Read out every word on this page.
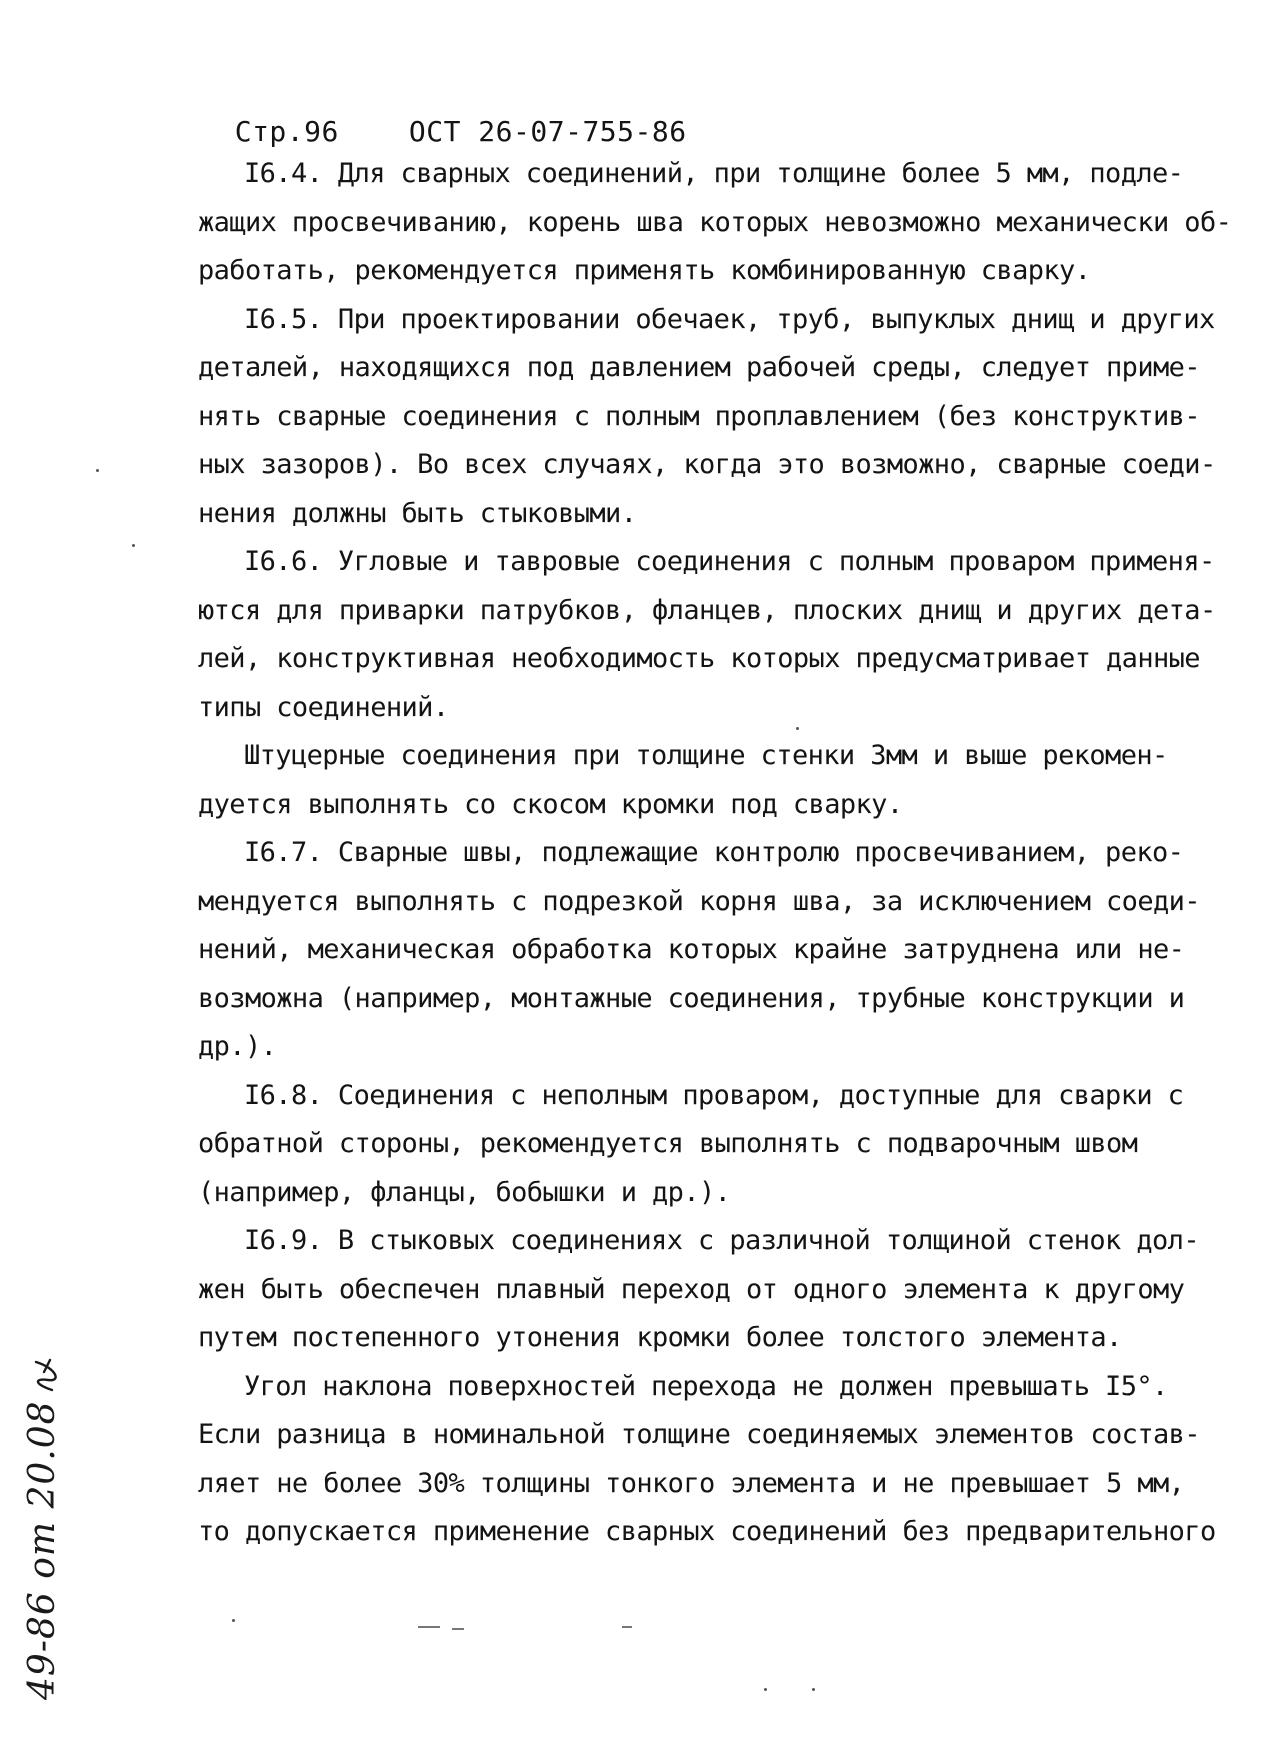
Стр.96	ОСТ 26-07-755-86

I6.4. Для сварных соединений, при толщине более 5 мм, подле-
жащих просвечиванию, корень шва которых невозможно механически об-
работать, рекомендуется применять комбинированную сварку.
I6.5. При проектировании обечаек, труб, выпуклых днищ и других
деталей, находящихся под давлением рабочей среды, следует приме-
нять сварные соединения с полным проплавлением (без конструктив-
ных зазоров). Во всех случаях, когда это возможно, сварные соеди-
нения должны быть стыковыми.
I6.6. Угловые и тавровые соединения с полным проваром применя-
ются для приварки патрубков, фланцев, плоских днищ и других дета-
лей, конструктивная необходимость которых предусматривает данные
типы соединений.
Штуцерные соединения при толщине стенки 3мм и выше рекомен-
дуется выполнять со скосом кромки под сварку.
I6.7. Сварные швы, подлежащие контролю просвечиванием, реко-
мендуется выполнять с подрезкой корня шва, за исключением соеди-
нений, механическая обработка которых крайне затруднена или не-
возможна (например, монтажные соединения, трубные конструкции и
др.).
I6.8. Соединения с неполным проваром, доступные для сварки с
обратной стороны, рекомендуется выполнять с подварочным швом
(например, фланцы, бобышки и др.).
I6.9. В стыковых соединениях с различной толщиной стенок дол-
жен быть обеспечен плавный переход от одного элемента к другому
путем постепенного утонения кромки более толстого элемента.
Угол наклона поверхностей перехода не должен превышать I5°.
Если разница в номинальной толщине соединяемых элементов состав-
ляет не более 30% толщины тонкого элемента и не превышает 5 мм,
то допускается применение сварных соединений без предварительного
49-86 от 20.08
